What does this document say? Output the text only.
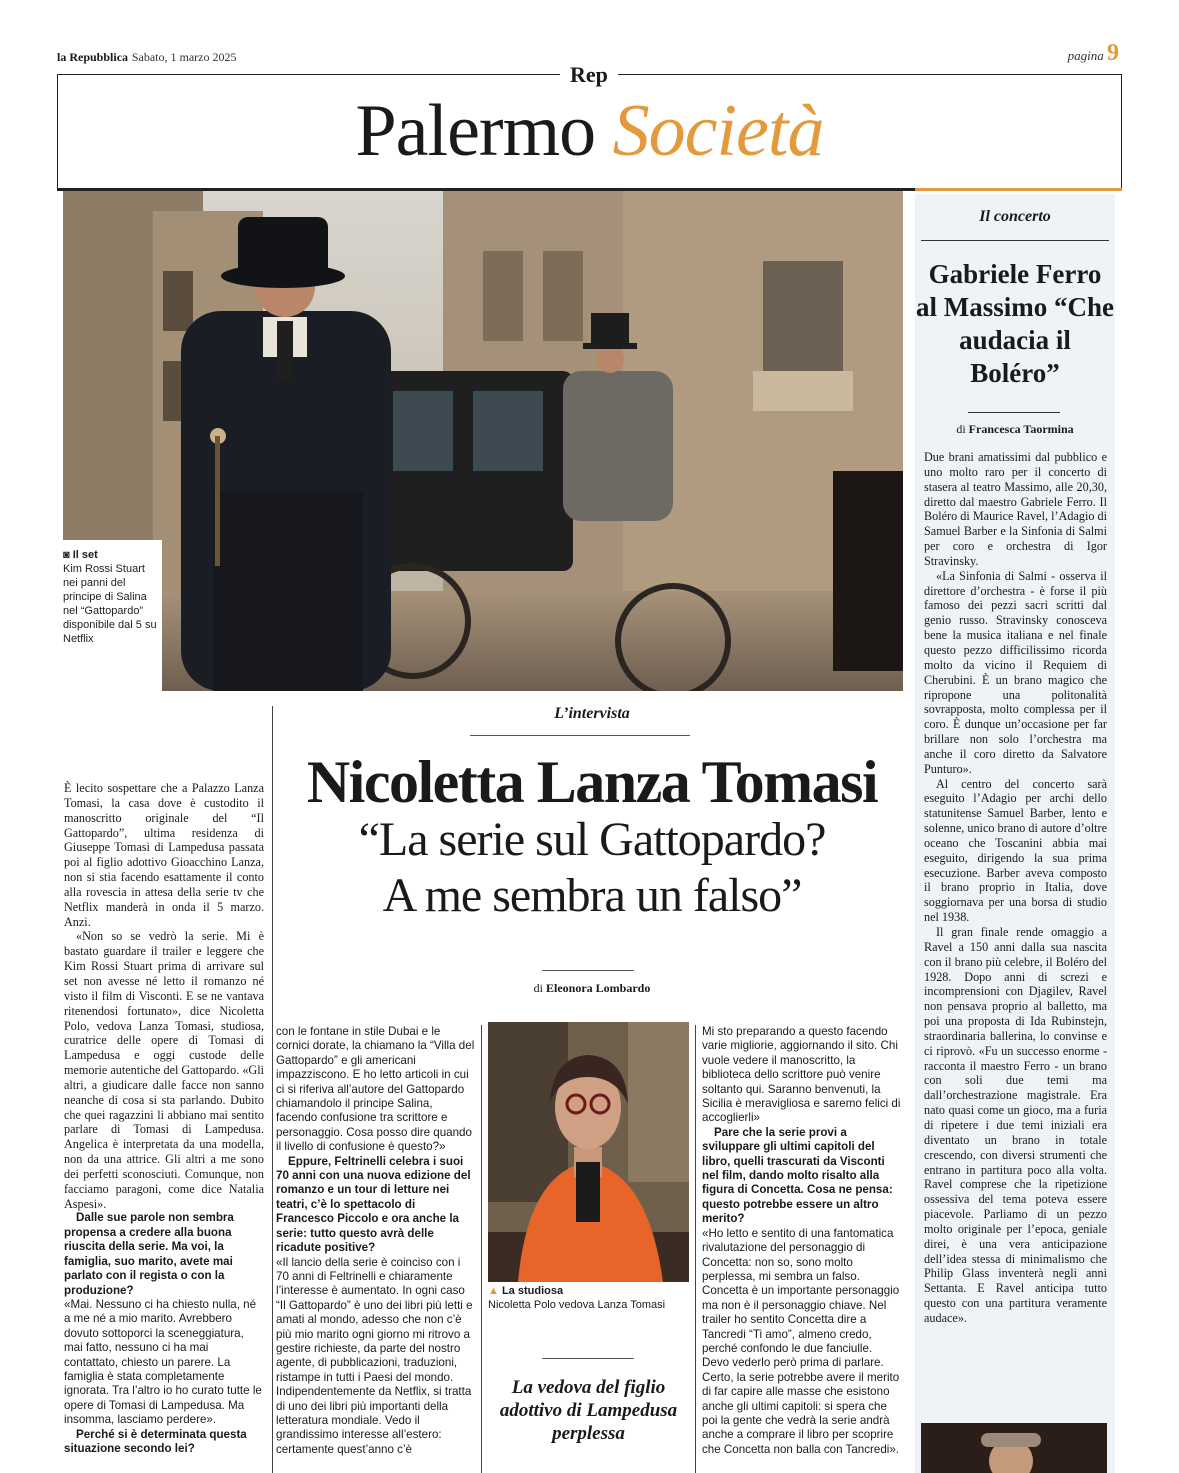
la Repubblica Sabato, 1 marzo 2025	pagina 9
Rep
Palermo Società
◙ Il set
Kim Rossi Stuart nei panni del principe di Salina nel “Gattopardo” disponibile dal 5 su Netflix
Il concerto
Gabriele Ferro al Massimo “Che audacia il Boléro”
di Francesca Taormina

Due brani amatissimi dal pubblico e uno molto raro per il concerto di stasera al teatro Massimo, alle 20,30, diretto dal maestro Gabriele Ferro. Il Boléro di Maurice Ravel, l’Adagio di Samuel Barber e la Sinfonia di Salmi per coro e orchestra di Igor Stravinsky.

«La Sinfonia di Salmi - osserva il direttore d’orchestra - è forse il più famoso dei pezzi sacri scritti dal genio russo. Stravinsky conosceva bene la musica italiana e nel finale questo pezzo difficilissimo ricorda molto da vicino il Requiem di Cherubini. È un brano magico che ripropone una politonalità sovrapposta, molto complessa per il coro. È dunque un’occasione per far brillare non solo l’orchestra ma anche il coro diretto da Salvatore Punturo».

Al centro del concerto sarà eseguito l’Adagio per archi dello statunitense Samuel Barber, lento e solenne, unico brano di autore d’oltre oceano che Toscanini abbia mai eseguito, dirigendo la sua prima esecuzione. Barber aveva composto il brano proprio in Italia, dove soggiornava per una borsa di studio nel 1938.

Il gran finale rende omaggio a Ravel a 150 anni dalla sua nascita con il brano più celebre, il Boléro del 1928. Dopo anni di screzi e incomprensioni con Djagilev, Ravel non pensava proprio al balletto, ma poi una proposta di Ida Rubinstejn, straordinaria ballerina, lo convinse e ci riprovò. «Fu un successo enorme - racconta il maestro Ferro - un brano con soli due temi ma dall’orchestrazione magistrale. Era nato quasi come un gioco, ma a furia di ripetere i due temi iniziali era diventato un brano in totale crescendo, con diversi strumenti che entrano in partitura poco alla volta. Ravel comprese che la ripetizione ossessiva del tema poteva essere piacevole. Parliamo di un pezzo molto originale per l’epoca, geniale direi, è una vera anticipazione dell’idea stessa di minimalismo che Philip Glass inventerà negli anni Settanta. E Ravel anticipa tutto questo con una partitura veramente audace».

L’intervista
Nicoletta Lanza Tomasi
“La serie sul Gattopardo?
A me sembra un falso”
di Eleonora Lombardo

È lecito sospettare che a Palazzo Lanza Tomasi, la casa dove è custodito il manoscritto originale del “Il Gattopardo”, ultima residenza di Giuseppe Tomasi di Lampedusa passata poi al figlio adottivo Gioacchino Lanza, non si stia facendo esattamente il conto alla rovescia in attesa della serie tv che Netflix manderà in onda il 5 marzo. Anzi.

«Non so se vedrò la serie. Mi è bastato guardare il trailer e leggere che Kim Rossi Stuart prima di arrivare sul set non avesse né letto il romanzo né visto il film di Visconti. E se ne vantava ritenendosi fortunato», dice Nicoletta Polo, vedova Lanza Tomasi, studiosa, curatrice delle opere di Tomasi di Lampedusa e oggi custode delle memorie autentiche del Gattopardo. «Gli altri, a giudicare dalle facce non sanno neanche di cosa si sta parlando. Dubito che quei ragazzini li abbiano mai sentito parlare di Tomasi di Lampedusa. Angelica è interpretata da una modella, non da una attrice. Gli altri a me sono dei perfetti sconosciuti. Comunque, non facciamo paragoni, come dice Natalia Aspesi».

Dalle sue parole non sembra propensa a credere alla buona riuscita della serie. Ma voi, la famiglia, suo marito, avete mai parlato con il regista o con la produzione?

«Mai. Nessuno ci ha chiesto nulla, né a me né a mio marito. Avrebbero dovuto sottoporci la sceneggiatura, mai fatto, nessuno ci ha mai contattato, chiesto un parere. La famiglia è stata completamente ignorata. Tra l’altro io ho curato tutte le opere di Tomasi di Lampedusa. Ma insomma, lasciamo perdere».

Perché si è determinata questa situazione secondo lei?

con le fontane in stile Dubai e le cornici dorate, la chiamano la “Villa del Gattopardo” e gli americani impazziscono. E ho letto articoli in cui ci si riferiva all’autore del Gattopardo chiamandolo il principe Salina, facendo confusione tra scrittore e personaggio. Cosa posso dire quando il livello di confusione è questo?»

Eppure, Feltrinelli celebra i suoi 70 anni con una nuova edizione del romanzo e un tour di letture nei teatri, c’è lo spettacolo di Francesco Piccolo e ora anche la serie: tutto questo avrà delle ricadute positive?

«Il lancio della serie è coinciso con i 70 anni di Feltrinelli e chiaramente l’interesse è aumentato. In ogni caso “Il Gattopardo” è uno dei libri più letti e amati al mondo, adesso che non c’è più mio marito ogni giorno mi ritrovo a gestire richieste, da parte del nostro agente, di pubblicazioni, traduzioni, ristampe in tutti i Paesi del mondo. Indipendentemente da Netflix, si tratta di uno dei libri più importanti della letteratura mondiale. Vedo il grandissimo interesse all’estero: certamente quest’anno c’è

▲ La studiosa
Nicoletta Polo vedova Lanza Tomasi
La vedova del figlio adottivo di Lampedusa perplessa

Mi sto preparando a questo facendo varie migliorie, aggiornando il sito. Chi vuole vedere il manoscritto, la biblioteca dello scrittore può venire soltanto qui. Saranno benvenuti, la Sicilia è meravigliosa e saremo felici di accoglierli»

Pare che la serie provi a sviluppare gli ultimi capitoli del libro, quelli trascurati da Visconti nel film, dando molto risalto alla figura di Concetta. Cosa ne pensa: questo potrebbe essere un altro merito?

«Ho letto e sentito di una fantomatica rivalutazione del personaggio di Concetta: non so, sono molto perplessa, mi sembra un falso. Concetta è un importante personaggio ma non è il personaggio chiave. Nel trailer ho sentito Concetta dire a Tancredi “Ti amo”, almeno credo, perché confondo le due fanciulle. Devo vederlo però prima di parlare. Certo, la serie potrebbe avere il merito di far capire alle masse che esistono anche gli ultimi capitoli: si spera che poi la gente che vedrà la serie andrà anche a comprare il libro per scoprire che Concetta non balla con Tancredi».
